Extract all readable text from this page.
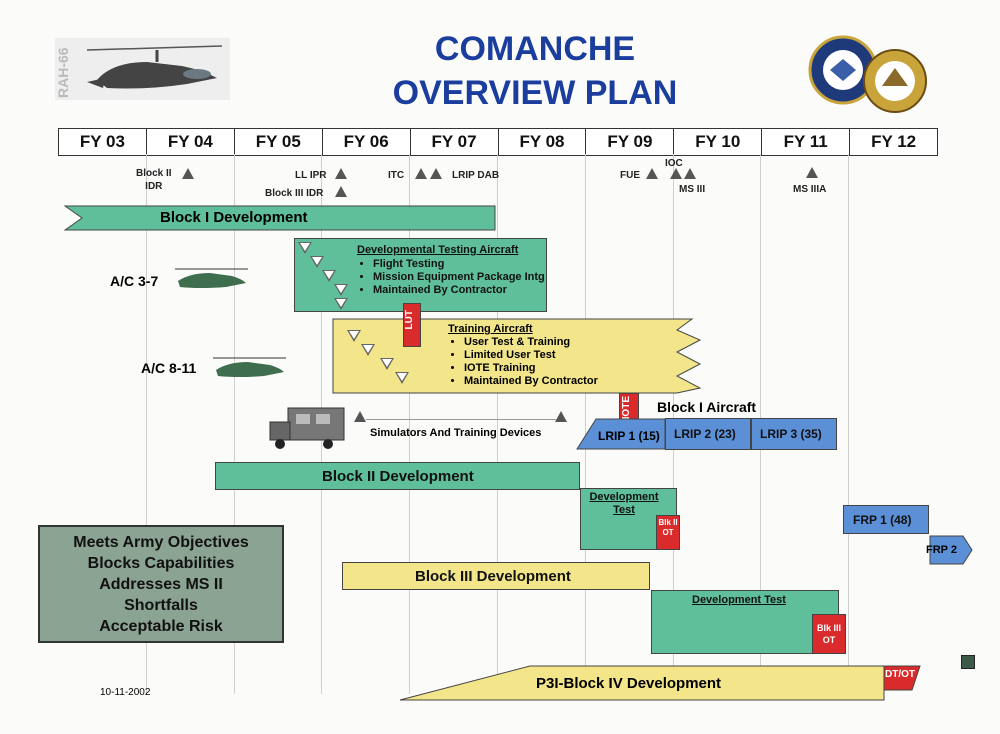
RAH-66	COMANCHE
OVERVIEW PLAN
FY 03	FY 04	FY 05	FY 06	FY 07	FY 08	FY 09	FY 10	FY 11	FY 12
Block II
IDR
LL IPR
Block III IDR
ITC	LRIP DAB
IOC
FUE
MS III	MS IIIA
Block I Development
Developmental Testing Aircraft
• Flight Testing
• Mission Equipment Package Intg
• Maintained By Contractor
A/C 3-7
Training Aircraft
• User Test & Training
• Limited User Test
• IOTE Training
• Maintained By Contractor
LUT
A/C 8-11
Simulators And Training Devices
IOTE	Block I Aircraft
LRIP 1 (15) LRIP 2 (23) LRIP 3 (35)
Block II Development
Development Test
Blk II OT
Meets Army Objectives
Blocks Capabilities
Addresses MS II
Shortfalls
Acceptable Risk
Block III Development
FRP 1 (48)
FRP 2
Development Test
Blk III OT
P3I-Block IV Development
DT/OT
10-11-2002
